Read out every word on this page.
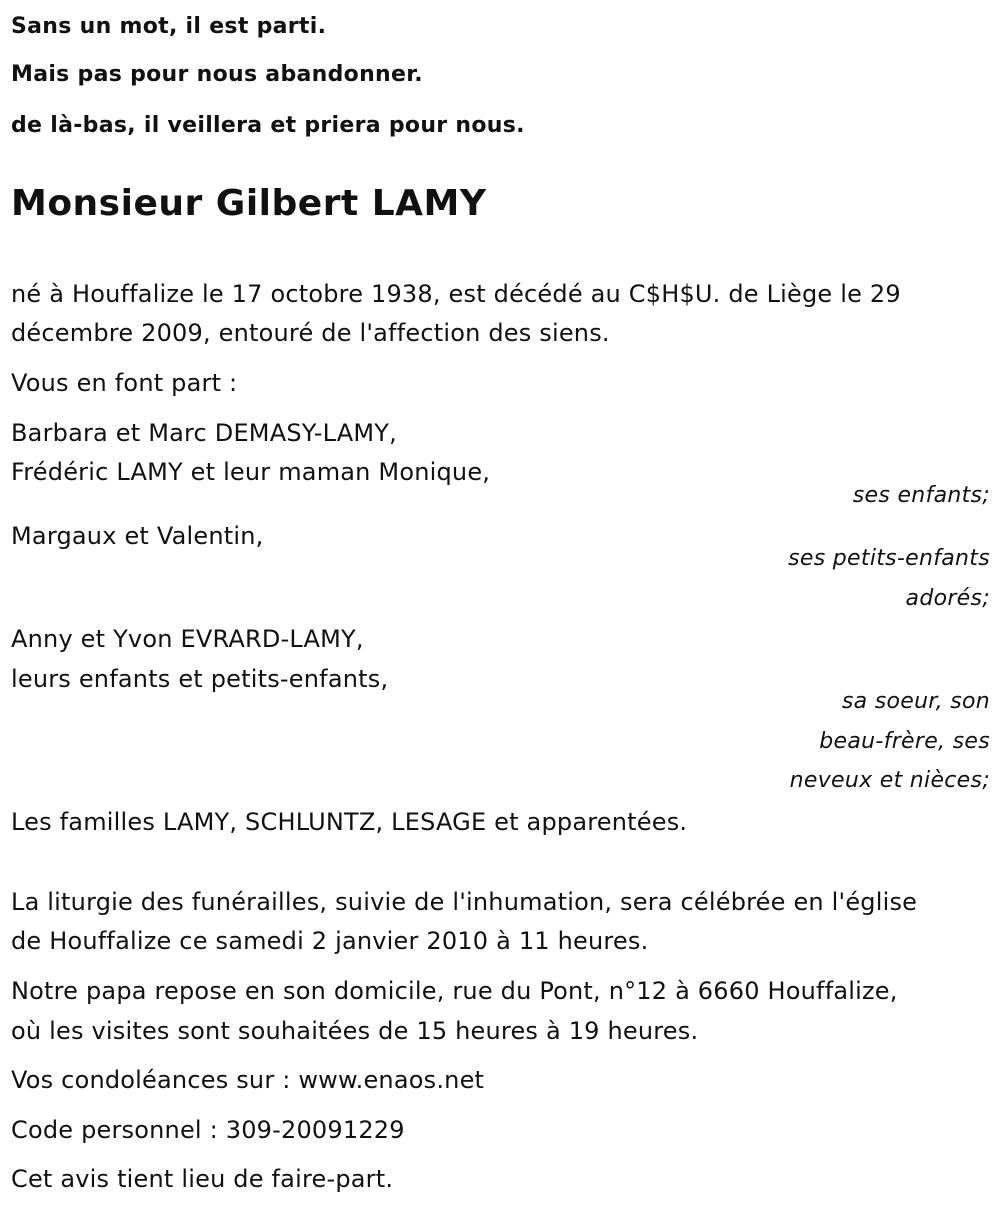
Sans un mot, il est parti.
Mais pas pour nous abandonner.
de là-bas, il veillera et priera pour nous.
Monsieur Gilbert LAMY
né à Houffalize le 17 octobre 1938, est décédé au C$H$U. de Liège le 29
décembre 2009, entouré de l'affection des siens.
Vous en font part :
Barbara et Marc DEMASY-LAMY,
Frédéric LAMY et leur maman Monique,
ses enfants;
Margaux et Valentin,
ses petits-enfants
adorés;
Anny et Yvon EVRARD-LAMY,
leurs enfants et petits-enfants,
sa soeur, son
beau-frère, ses
neveux et nièces;
Les familles LAMY, SCHLUNTZ, LESAGE et apparentées.
La liturgie des funérailles, suivie de l'inhumation, sera célébrée en l'église
de Houffalize ce samedi 2 janvier 2010 à 11 heures.
Notre papa repose en son domicile, rue du Pont, n°12 à 6660 Houffalize,
où les visites sont souhaitées de 15 heures à 19 heures.
Vos condoléances sur : www.enaos.net
Code personnel : 309-20091229
Cet avis tient lieu de faire-part.
